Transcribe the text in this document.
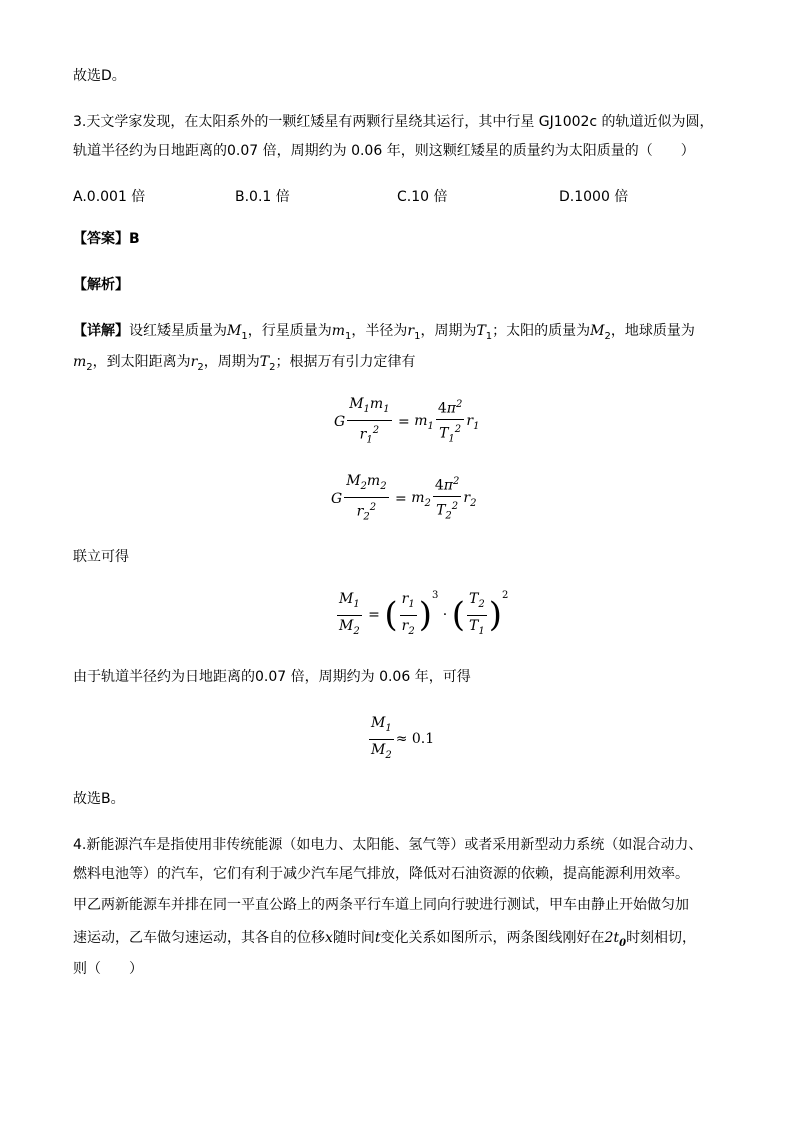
故选D。
3.天文学家发现，在太阳系外的一颗红矮星有两颗行星绕其运行，其中行星 GJ1002c 的轨道近似为圆，
轨道半径约为日地距离的0.07 倍，周期约为 0.06 年，则这颗红矮星的质量约为太阳质量的（　　）
A.0.001 倍	B.0.1 倍	C.10 倍	D.1000 倍
【答案】B
【解析】
【详解】设红矮星质量为$M_1$，行星质量为$m_1$，半径为$r_1$，周期为$T_1$；太阳的质量为$M_2$，地球质量为
$m_2$，到太阳距离为$r_2$，周期为$T_2$；根据万有引力定律有
G $\frac{M_1m_1}{r_1^2} = m_1 \frac{4\pi^2}{T_1^2} r_1$
G $\frac{M_2m_2}{r_2^2} = m_2 \frac{4\pi^2}{T_2^2} r_2$
联立可得
$\frac{M_1}{M_2}$ = ( $\frac{r_1}{r_2} )^3$
· ( $\frac{T_2}{T_1} )^2$
由于轨道半径约为日地距离的0.07 倍，周期约为 0.06 年，可得
$\frac{M_1}{M_2} \approx 0.1$
故选B。
4.新能源汽车是指使用非传统能源（如电力、太阳能、氢气等）或者采用新型动力系统（如混合动力、
燃料电池等）的汽车，它们有利于减少汽车尾气排放，降低对石油资源的依赖，提高能源利用效率。
甲乙两新能源车并排在同一平直公路上的两条平行车道上同向行驶进行测试，甲车由静止开始做匀加
速运动，乙车做匀速运动，其各自的位移x随时间t变化关系如图所示，两条图线刚好在$2t_0$时刻相切，
则（　　）
